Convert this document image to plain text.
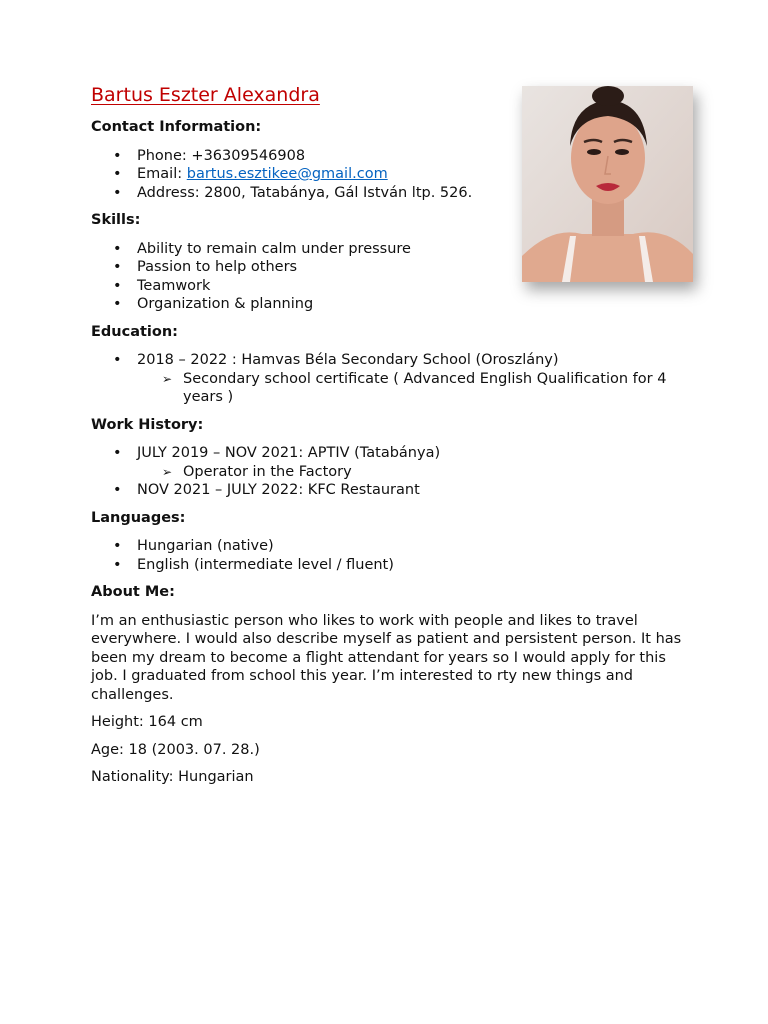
Bartus Eszter Alexandra
Contact Information:
• Phone: +36309546908
• Email: bartus.esztikee@gmail.com
• Address: 2800, Tatabánya, Gál István ltp. 526.
Skills:
• Ability to remain calm under pressure
• Passion to help others
• Teamwork
• Organization & planning
Education:
• 2018 – 2022 : Hamvas Béla Secondary School (Oroszlány)
➢ Secondary school certificate ( Advanced English Qualification for 4 years )
Work History:
• JULY 2019 – NOV 2021: APTIV (Tatabánya)
➢ Operator in the Factory
• NOV 2021 – JULY 2022: KFC Restaurant
Languages:
• Hungarian (native)
• English (intermediate level / fluent)
About Me:

I’m an enthusiastic person who likes to work with people and likes to travel everywhere. I would also describe myself as patient and persistent person. It has been my dream to become a flight attendant for years so I would apply for this job. I graduated from school this year. I’m interested to rty new things and challenges.

Height: 164 cm

Age: 18 (2003. 07. 28.)

Nationality: Hungarian
